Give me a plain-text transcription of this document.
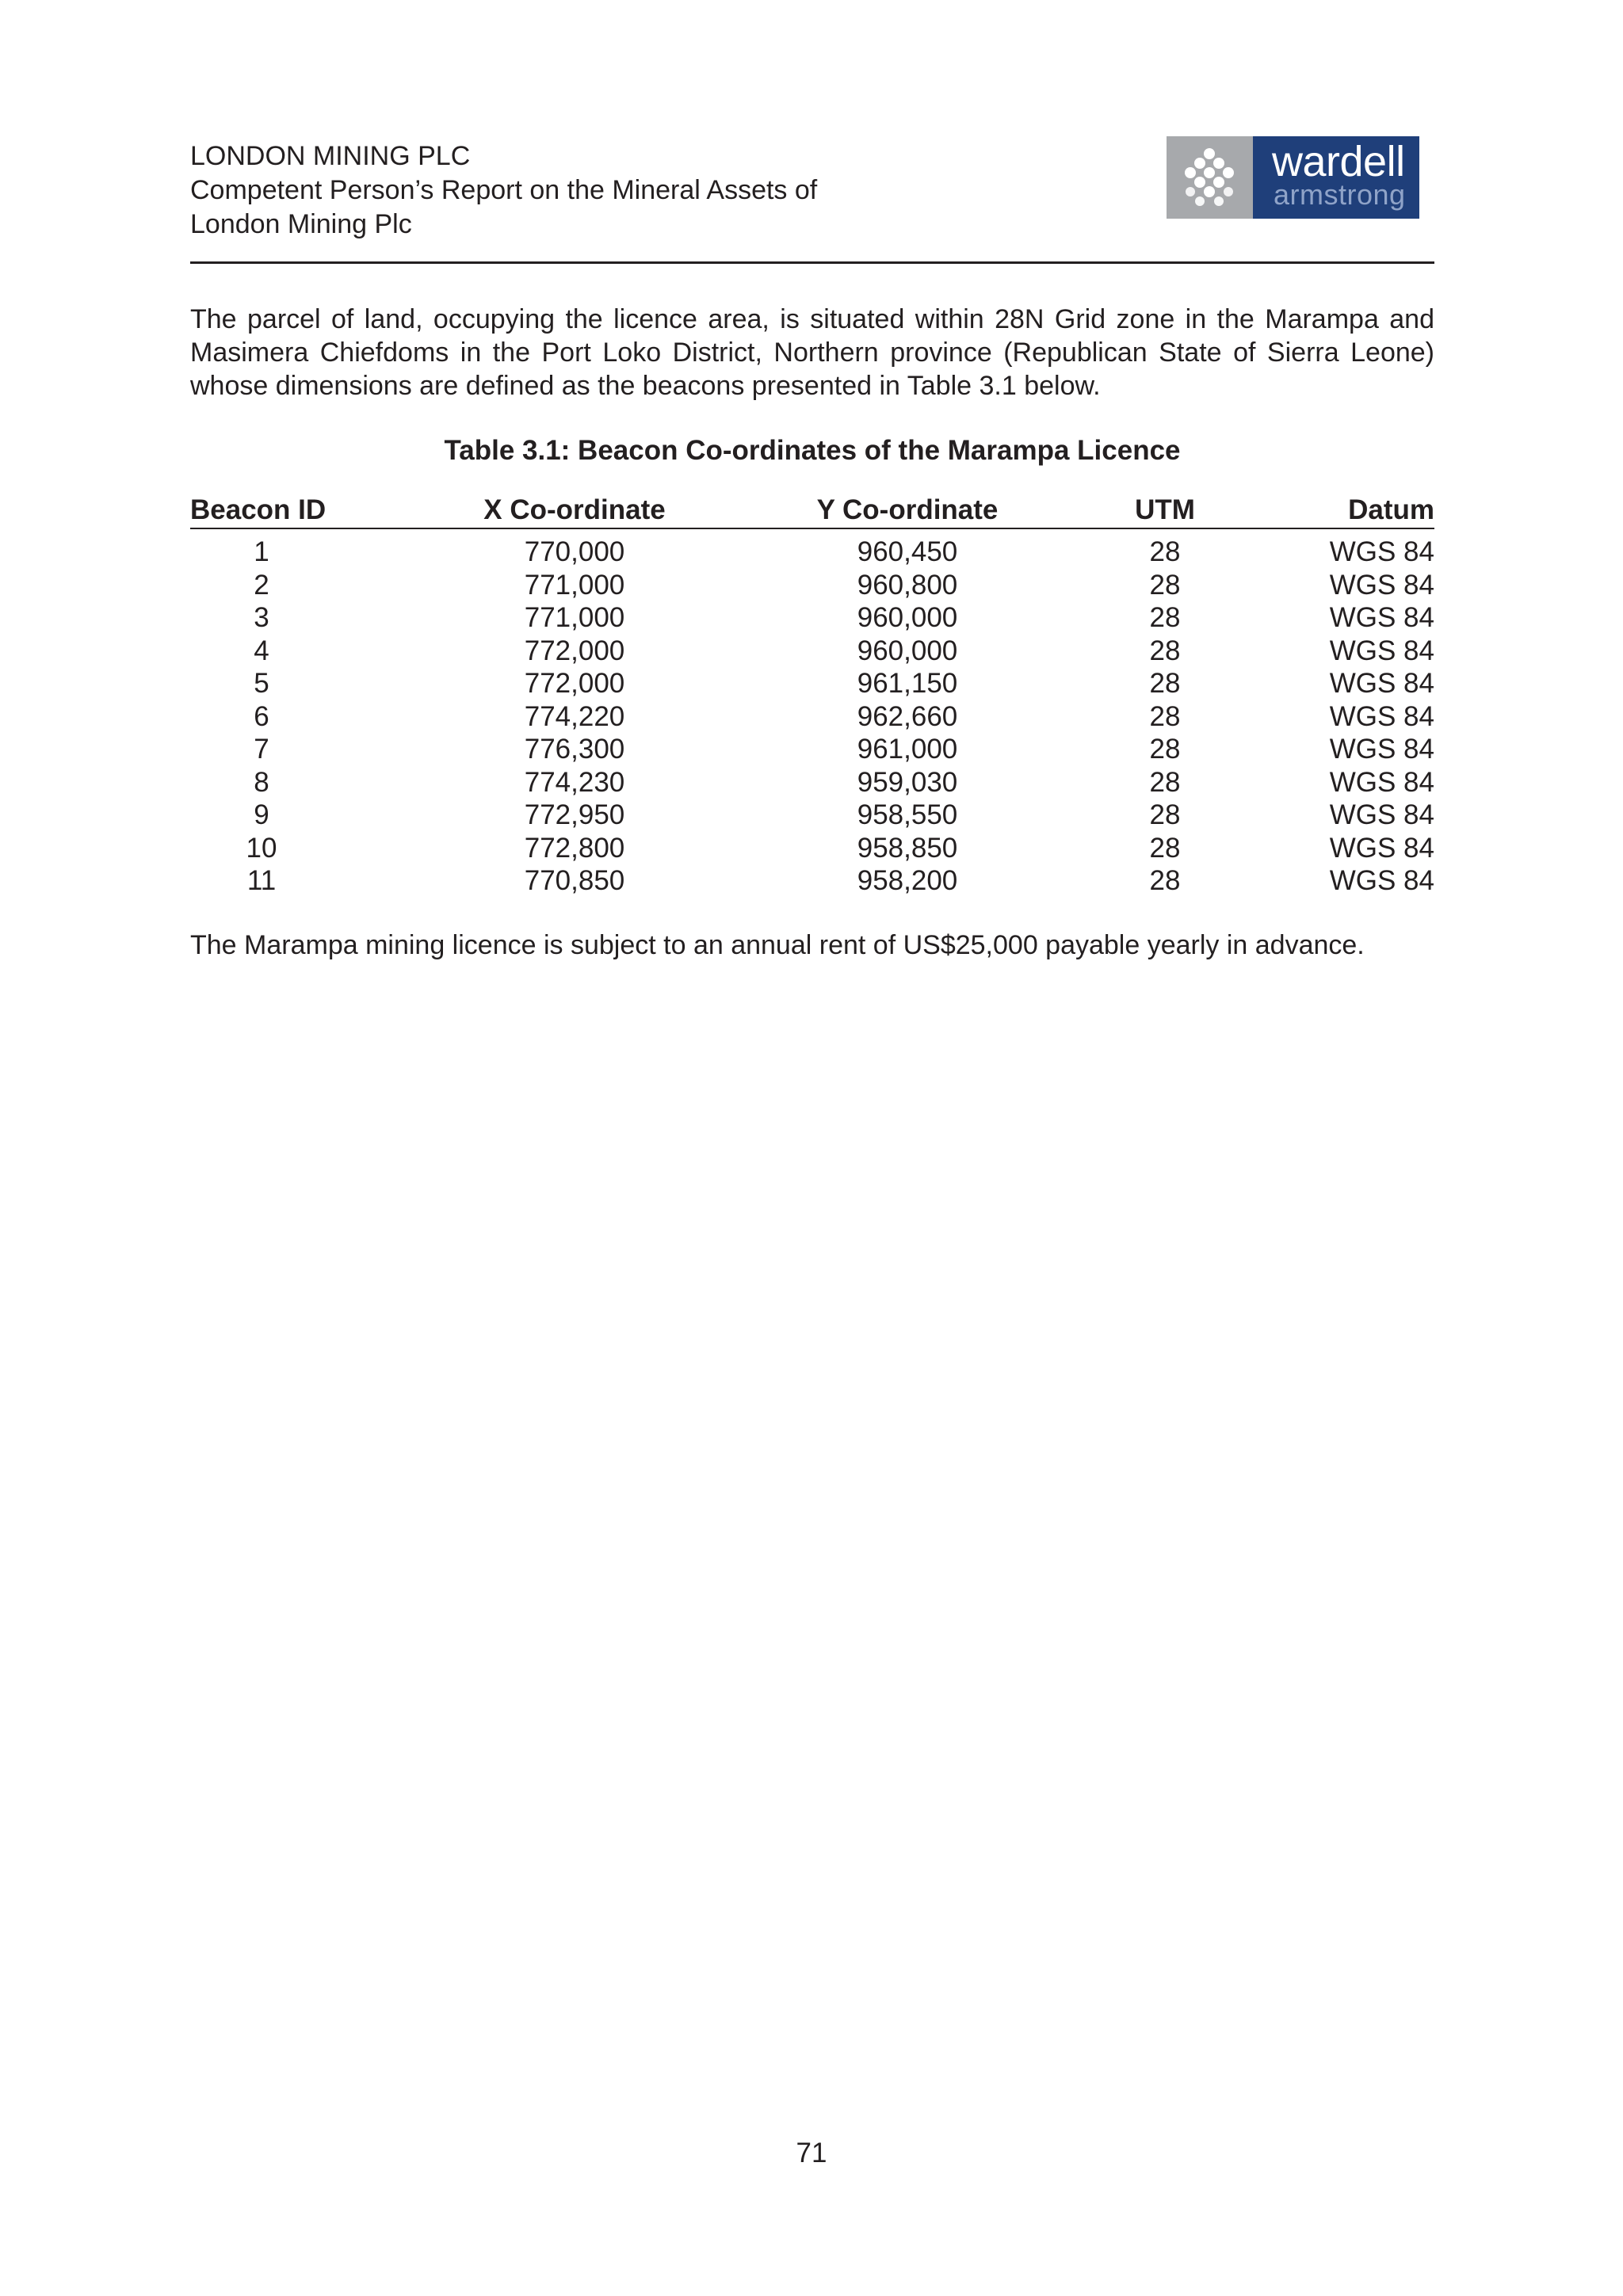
LONDON MINING PLC
Competent Person’s Report on the Mineral Assets of
London Mining Plc
wardell
armstrong
The parcel of land, occupying the licence area, is situated within 28N Grid zone in the Marampa and Masimera Chiefdoms in the Port Loko District, Northern province (Republican State of Sierra Leone) whose dimensions are defined as the beacons presented in Table 3.1 below.
Table 3.1: Beacon Co-ordinates of the Marampa Licence
Beacon ID	X Co-ordinate	Y Co-ordinate	UTM	Datum
1	770,000	960,450	28	WGS 84
2	771,000	960,800	28	WGS 84
3	771,000	960,000	28	WGS 84
4	772,000	960,000	28	WGS 84
5	772,000	961,150	28	WGS 84
6	774,220	962,660	28	WGS 84
7	776,300	961,000	28	WGS 84
8	774,230	959,030	28	WGS 84
9	772,950	958,550	28	WGS 84
10	772,800	958,850	28	WGS 84
11	770,850	958,200	28	WGS 84
The Marampa mining licence is subject to an annual rent of US$25,000 payable yearly in advance.
71
